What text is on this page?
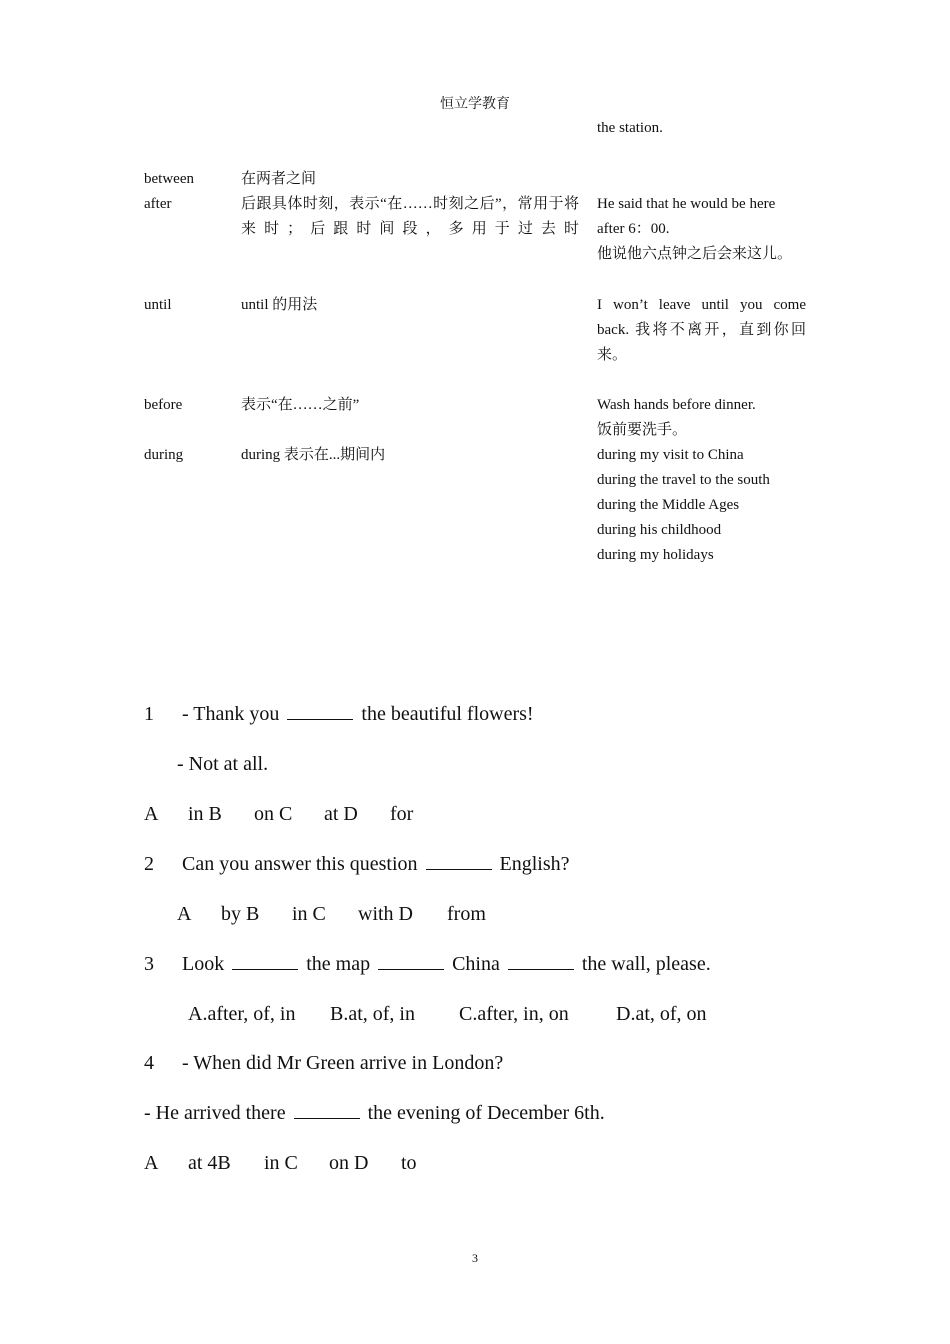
恒立学教育
the station.
between	在两者之间
after	后跟具体时刻，表示“在……时刻之后”，常用于将来时；后跟时间段，多用于过去时
He said that he would be here
after 6：00.
他说他六点钟之后会来这儿。
until	until 的用法	I won’t leave until you come
back. 我将不离开，直到你回
来。
before	表示“在……之前”	Wash hands before dinner.
饭前要洗手。
during	during 表示在...期间内	during my visit to China
during the travel to the south
during the Middle Ages
during his childhood
during my holidays
1 - Thank you	the beautiful flowers!
- Not at all.
A in B on C at D for
2 Can you answer this question	English?
A by B in C with D from
3 Look	the map	China	the wall, please.
A.after, of, in B.at, of, in C.after, in, on D.at, of, on
4 - When did Mr Green arrive in London?
- He arrived there	the evening of December 6th.
A at 4B in C on D to
3
